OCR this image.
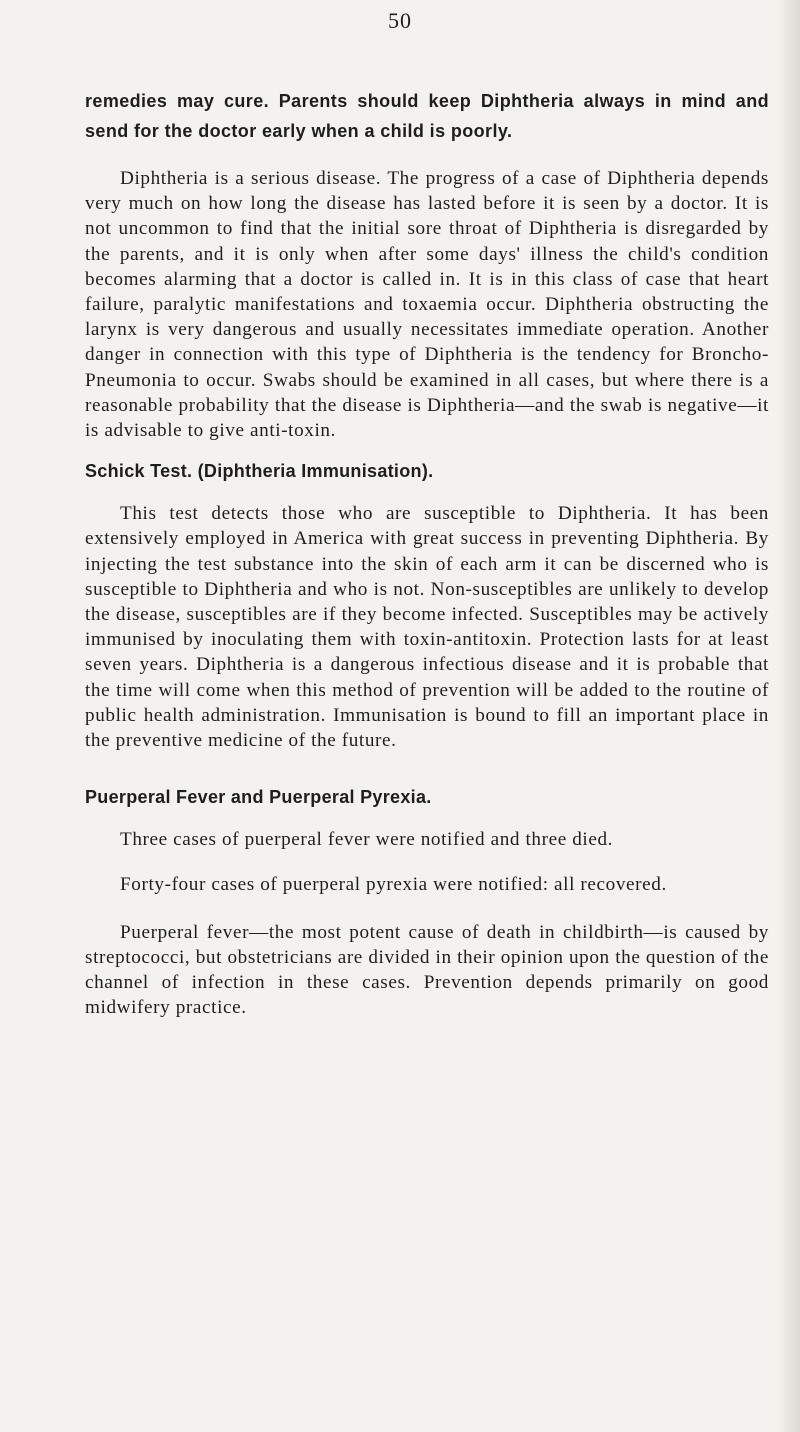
50

remedies may cure. Parents should keep Diphtheria always in mind and send for the doctor early when a child is poorly.

Diphtheria is a serious disease. The progress of a case of Diphtheria depends very much on how long the disease has lasted before it is seen by a doctor. It is not uncommon to find that the initial sore throat of Diphtheria is disregarded by the parents, and it is only when after some days' illness the child's condition becomes alarming that a doctor is called in. It is in this class of case that heart failure, paralytic manifestations and toxaemia occur. Diphtheria obstructing the larynx is very dangerous and usually necessitates immediate operation. Another danger in connection with this type of Diphtheria is the tendency for Broncho-Pneumonia to occur. Swabs should be examined in all cases, but where there is a reasonable probability that the disease is Diphtheria—and the swab is negative—it is advisable to give anti-toxin.

Schick Test. (Diphtheria Immunisation).

This test detects those who are susceptible to Diphtheria. It has been extensively employed in America with great success in preventing Diphtheria. By injecting the test substance into the skin of each arm it can be discerned who is susceptible to Diphtheria and who is not. Non-susceptibles are unlikely to develop the disease, susceptibles are if they become infected. Susceptibles may be actively immunised by inoculating them with toxin-antitoxin. Protection lasts for at least seven years. Diphtheria is a dangerous infectious disease and it is probable that the time will come when this method of prevention will be added to the routine of public health administration. Immunisation is bound to fill an important place in the preventive medicine of the future.

Puerperal Fever and Puerperal Pyrexia.

Three cases of puerperal fever were notified and three died.

Forty-four cases of puerperal pyrexia were notified: all recovered.

Puerperal fever—the most potent cause of death in childbirth—is caused by streptococci, but obstetricians are divided in their opinion upon the question of the channel of infection in these cases. Prevention depends primarily on good midwifery practice.
